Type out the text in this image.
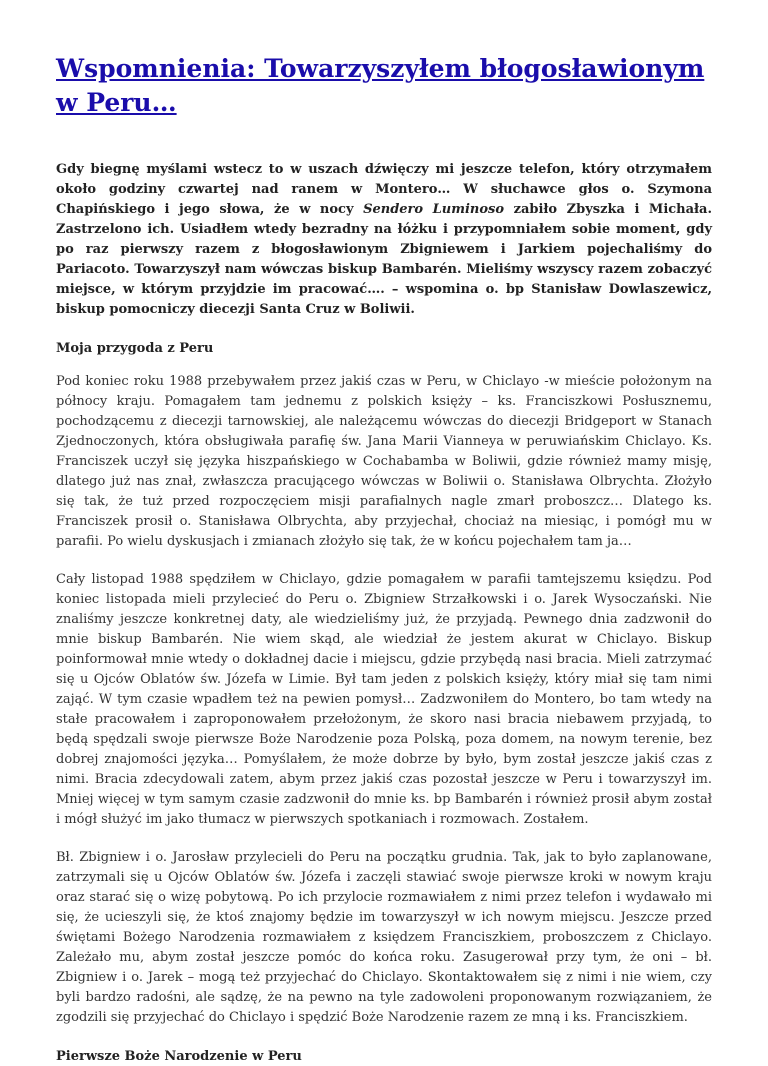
Wspomnienia: Towarzyszyłem błogosławionym w Peru…

Gdy biegnę myślami wstecz to w uszach dźwięczy mi jeszcze telefon, który otrzymałem około godziny czwartej nad ranem w Montero… W słuchawce głos o. Szymona Chapińskiego i jego słowa, że w nocy Sendero Luminoso zabiło Zbyszka i Michała. Zastrzelono ich. Usiadłem wtedy bezradny na łóżku i przypomniałem sobie moment, gdy po raz pierwszy razem z błogosławionym Zbigniewem i Jarkiem pojechaliśmy do Pariacoto. Towarzyszył nam wówczas biskup Bambarén. Mieliśmy wszyscy razem zobaczyć miejsce, w którym przyjdzie im pracować…. – wspomina o. bp Stanisław Dowlaszewicz, biskup pomocniczy diecezji Santa Cruz w Boliwii.

Moja przygoda z Peru

Pod koniec roku 1988 przebywałem przez jakiś czas w Peru, w Chiclayo -w mieście położonym na północy kraju. Pomagałem tam jednemu z polskich księży – ks. Franciszkowi Posłusznemu, pochodzącemu z diecezji tarnowskiej, ale należącemu wówczas do diecezji Bridgeport w Stanach Zjednoczonych, która obsługiwała parafię św. Jana Marii Vianneya w peruwiańskim Chiclayo. Ks. Franciszek uczył się języka hiszpańskiego w Cochabamba w Boliwii, gdzie również mamy misję, dlatego już nas znał, zwłaszcza pracującego wówczas w Boliwii o. Stanisława Olbrychta. Złożyło się tak, że tuż przed rozpoczęciem misji parafialnych nagle zmarł proboszcz… Dlatego ks. Franciszek prosił o. Stanisława Olbrychta, aby przyjechał, chociaż na miesiąc, i pomógł mu w parafii. Po wielu dyskusjach i zmianach złożyło się tak, że w końcu pojechałem tam ja…

Cały listopad 1988 spędziłem w Chiclayo, gdzie pomagałem w parafii tamtejszemu księdzu. Pod koniec listopada mieli przylecieć do Peru o. Zbigniew Strzałkowski i o. Jarek Wysoczański. Nie znaliśmy jeszcze konkretnej daty, ale wiedzieliśmy już, że przyjadą. Pewnego dnia zadzwonił do mnie biskup Bambarén. Nie wiem skąd, ale wiedział że jestem akurat w Chiclayo. Biskup poinformował mnie wtedy o dokładnej dacie i miejscu, gdzie przybędą nasi bracia. Mieli zatrzymać się u Ojców Oblatów św. Józefa w Limie. Był tam jeden z polskich księży, który miał się tam nimi zająć. W tym czasie wpadłem też na pewien pomysł… Zadzwoniłem do Montero, bo tam wtedy na stałe pracowałem i zaproponowałem przełożonym, że skoro nasi bracia niebawem przyjadą, to będą spędzali swoje pierwsze Boże Narodzenie poza Polską, poza domem, na nowym terenie, bez dobrej znajomości języka… Pomyślałem, że może dobrze by było, bym został jeszcze jakiś czas z nimi. Bracia zdecydowali zatem, abym przez jakiś czas pozostał jeszcze w Peru i towarzyszył im. Mniej więcej w tym samym czasie zadzwonił do mnie ks. bp Bambarén i również prosił abym został i mógł służyć im jako tłumacz w pierwszych spotkaniach i rozmowach. Zostałem.

Bł. Zbigniew i o. Jarosław przylecieli do Peru na początku grudnia. Tak, jak to było zaplanowane, zatrzymali się u Ojców Oblatów św. Józefa i zaczęli stawiać swoje pierwsze kroki w nowym kraju oraz starać się o wizę pobytową. Po ich przylocie rozmawiałem z nimi przez telefon i wydawało mi się, że ucieszyli się, że ktoś znajomy będzie im towarzyszył w ich nowym miejscu. Jeszcze przed świętami Bożego Narodzenia rozmawiałem z księdzem Franciszkiem, proboszczem z Chiclayo. Zależało mu, abym został jeszcze pomóc do końca roku. Zasugerował przy tym, że oni – bł. Zbigniew i o. Jarek – mogą też przyjechać do Chiclayo. Skontaktowałem się z nimi i nie wiem, czy byli bardzo radośni, ale sądzę, że na pewno na tyle zadowoleni proponowanym rozwiązaniem, że zgodzili się przyjechać do Chiclayo i spędzić Boże Narodzenie razem ze mną i ks. Franciszkiem.

Pierwsze Boże Narodzenie w Peru
